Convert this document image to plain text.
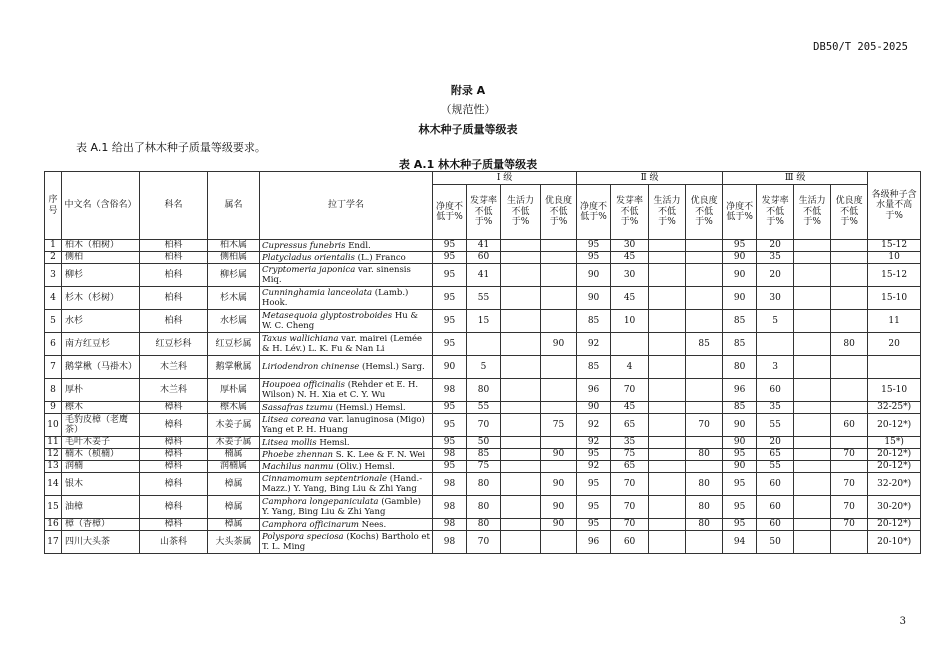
DB50/T 205-2025
附录 A
（规范性）
林木种子质量等级表
表 A.1 给出了林木种子质量等级要求。
表 A.1 林木种子质量等级表
序号	中文名（含俗名）	科名	属名	拉丁学名	Ⅰ 级				Ⅱ 级				Ⅲ 级				各级种子含水量不高于%
					净度不低于%	发芽率不低于%	生活力不低于%	优良度不低于%	净度不低于%	发芽率不低于%	生活力不低于%	优良度不低于%	净度不低于%	发芽率不低于%	生活力不低于%	优良度不低于%	
1	柏木（柏树）	柏科	柏木属	Cupressus funebris Endl.	95	41			95	30			95	20			15-12
2	侧柏	柏科	侧柏属	Platycladus orientalis (L.) Franco	95	60			95	45			90	35			10
3	柳杉	柏科	柳杉属	Cryptomeria japonica var. sinensis Miq.	95	41			90	30			90	20			15-12
4	杉木（杉树）	柏科	杉木属	Cunninghamia lanceolata (Lamb.) Hook.	95	55			90	45			90	30			15-10
5	水杉	柏科	水杉属	Metasequoia glyptostroboides Hu & W. C. Cheng	95	15			85	10			85	5			11
6	南方红豆杉	红豆杉科	红豆杉属	Taxus wallichiana var. mairei (Lemée & H. Lév.) L. K. Fu & Nan Li	95			90	92			85	85			80	20
7	鹅掌楸（马褂木）	木兰科	鹅掌楸属	Liriodendron chinense (Hemsl.) Sarg.	90	5			85	4			80	3			
8	厚朴	木兰科	厚朴属	Houpoea officinalis (Rehder et E. H. Wilson) N. H. Xia et C. Y. Wu	98	80			96	70			96	60			15-10
9	檫木	樟科	檫木属	Sassafras tzumu (Hemsl.) Hemsl.	95	55			90	45			85	35			32-25*)
10	毛豹皮樟（老鹰茶）	樟科	木姜子属	Litsea coreana var. lanuginosa (Migo) Yang et P. H. Huang	95	70		75	92	65		70	90	55		60	20-12*)
11	毛叶木姜子	樟科	木姜子属	Litsea mollis Hemsl.	95	50			92	35			90	20			15*)
12	楠木（桢楠）	樟科	楠属	Phoebe zhennan S. K. Lee & F. N. Wei	98	85		90	95	75		80	95	65		70	20-12*)
13	润楠	樟科	润楠属	Machilus nanmu (Oliv.) Hemsl.	95	75			92	65			90	55			20-12*)
14	银木	樟科	樟属	Cinnamomum septentrionale (Hand.-Mazz.) Y. Yang, Bing Liu & Zhi Yang	98	80		90	95	70		80	95	60		70	32-20*)
15	油樟	樟科	樟属	Camphora longepaniculata (Gamble) Y. Yang, Bing Liu & Zhi Yang	98	80		90	95	70		80	95	60		70	30-20*)
16	樟（香樟）	樟科	樟属	Camphora officinarum Nees.	98	80		90	95	70		80	95	60		70	20-12*)
17	四川大头茶	山茶科	大头茶属	Polyspora speciosa (Kochs) Bartholo et T. L. Ming	98	70			96	60			94	50			20-10*)
3
